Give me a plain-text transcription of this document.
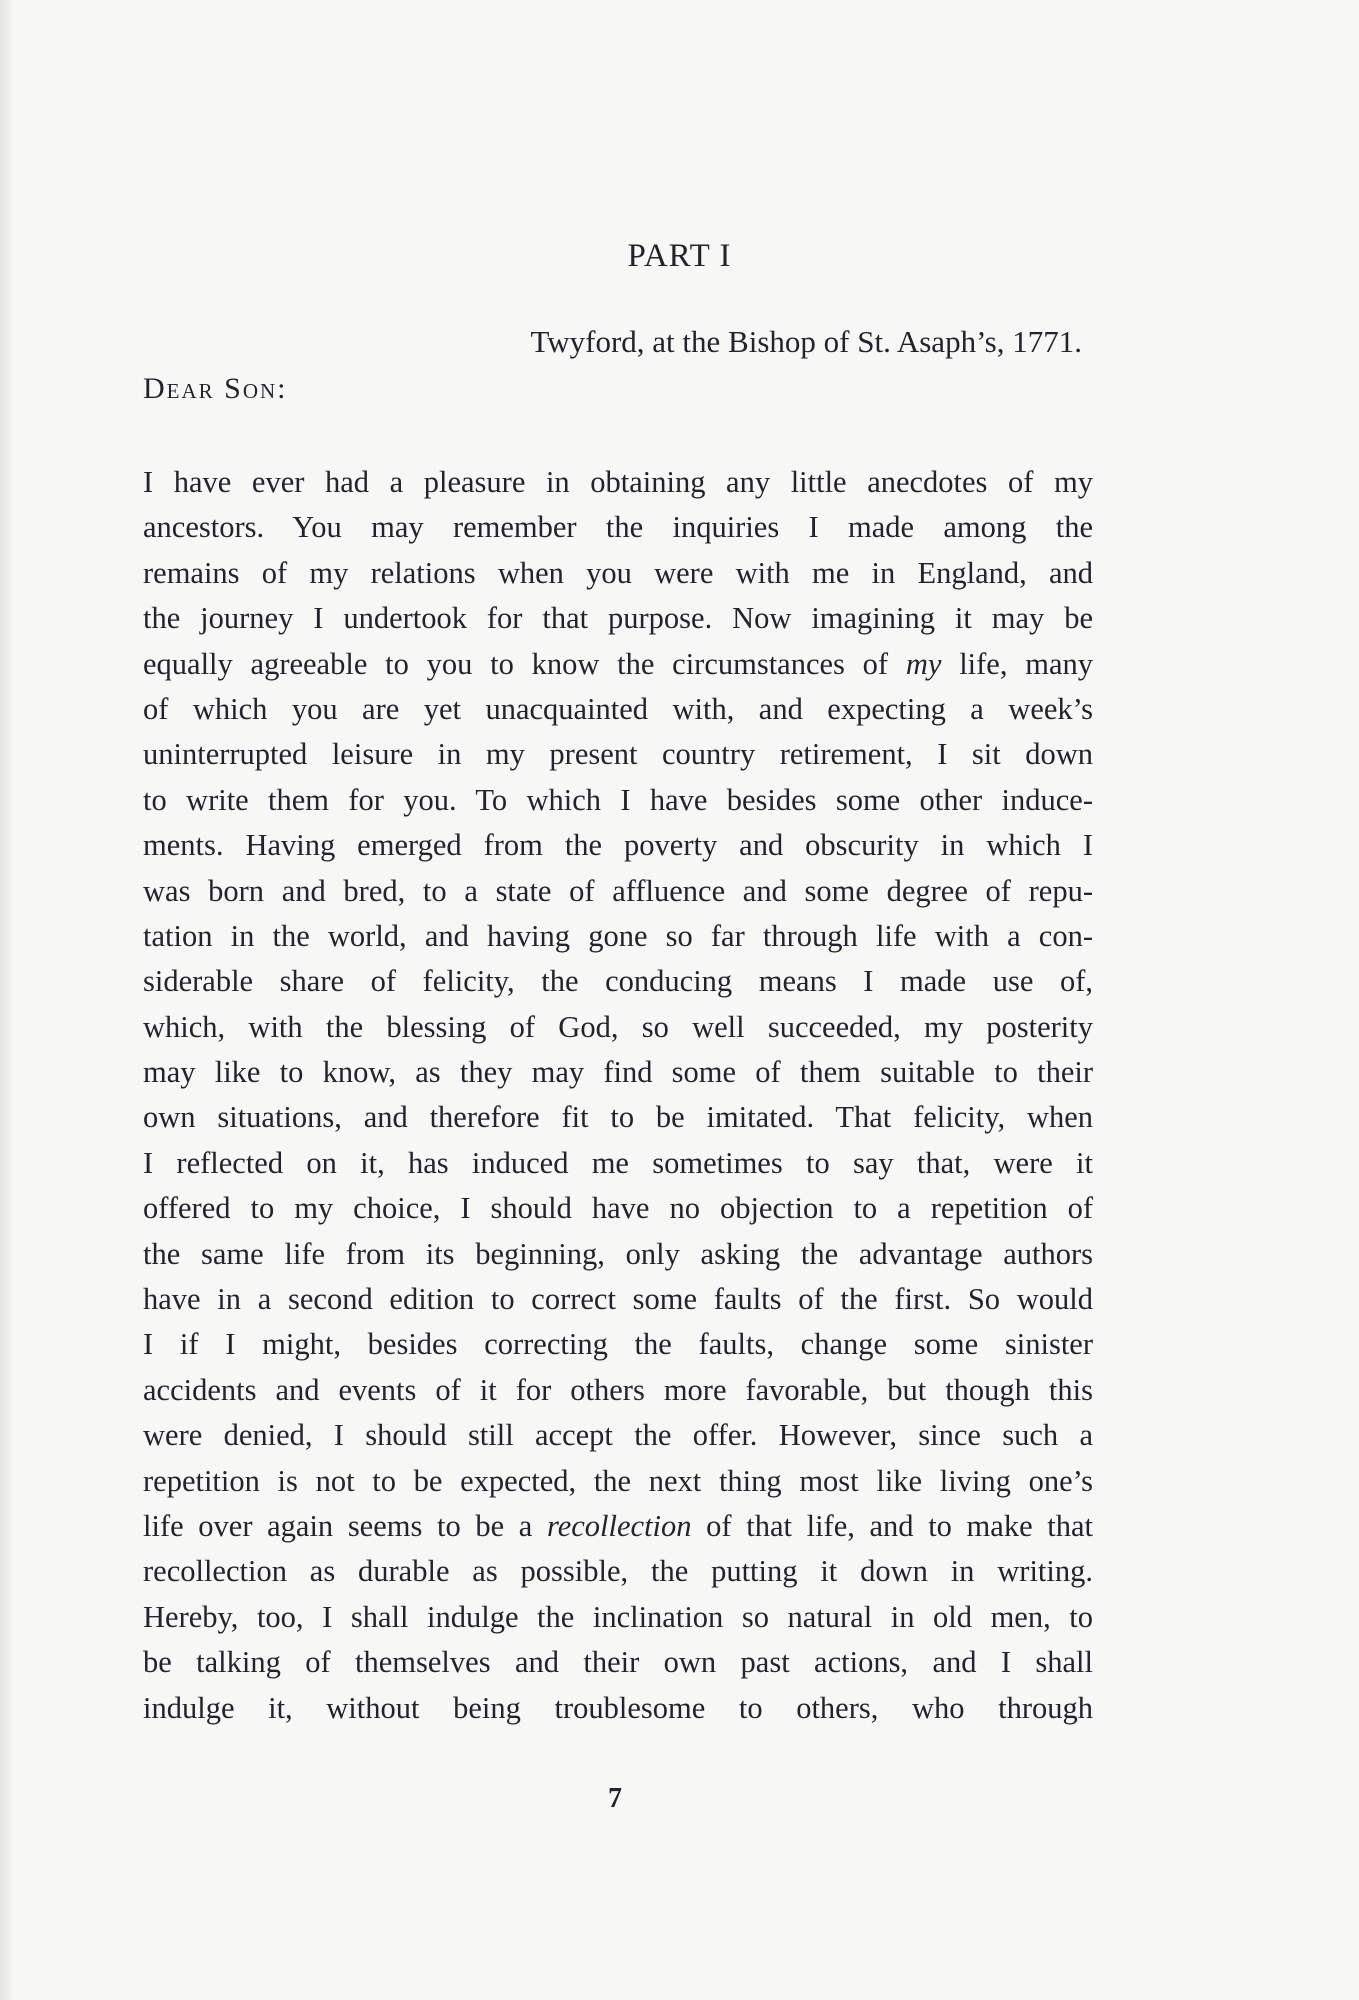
PART I
Twyford, at the Bishop of St. Asaph’s, 1771.
Dear Son:
I have ever had a pleasure in obtaining any little anecdotes of my
ancestors. You may remember the inquiries I made among the
remains of my relations when you were with me in England, and
the journey I undertook for that purpose. Now imagining it may be
equally agreeable to you to know the circumstances of my life, many
of which you are yet unacquainted with, and expecting a week’s
uninterrupted leisure in my present country retirement, I sit down
to write them for you. To which I have besides some other induce-
ments. Having emerged from the poverty and obscurity in which I
was born and bred, to a state of affluence and some degree of repu-
tation in the world, and having gone so far through life with a con-
siderable share of felicity, the conducing means I made use of,
which, with the blessing of God, so well succeeded, my posterity
may like to know, as they may find some of them suitable to their
own situations, and therefore fit to be imitated. That felicity, when
I reflected on it, has induced me sometimes to say that, were it
offered to my choice, I should have no objection to a repetition of
the same life from its beginning, only asking the advantage authors
have in a second edition to correct some faults of the first. So would
I if I might, besides correcting the faults, change some sinister
accidents and events of it for others more favorable, but though this
were denied, I should still accept the offer. However, since such a
repetition is not to be expected, the next thing most like living one’s
life over again seems to be a recollection of that life, and to make that
recollection as durable as possible, the putting it down in writing.
Hereby, too, I shall indulge the inclination so natural in old men, to
be talking of themselves and their own past actions, and I shall
indulge it, without being troublesome to others, who through
7
